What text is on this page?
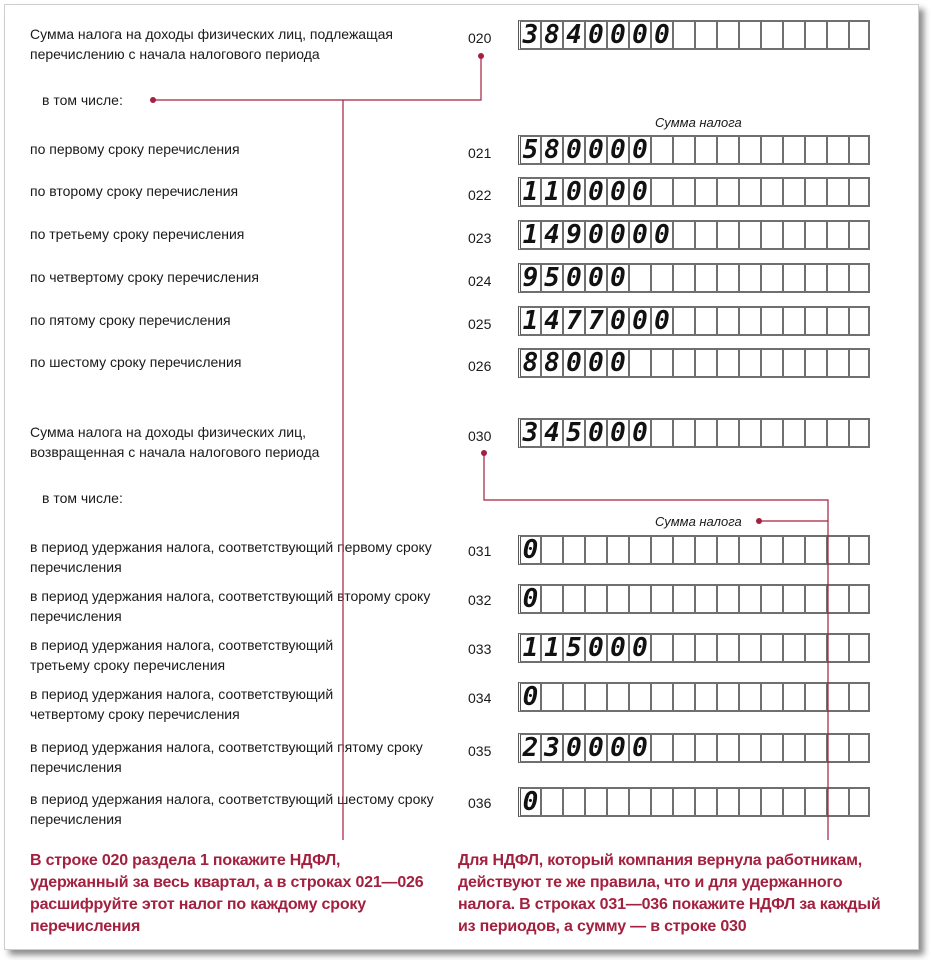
Сумма налога на доходы физических лиц, подлежащая перечислению с начала налогового периода
020 3 8 4 0 0 0 0
в том числе:
Сумма налога
по первому сроку перечисления	021 5 8 0 0 0 0
по второму сроку перечисления	022 1 1 0 0 0 0
по третьему сроку перечисления	023 1 4 9 0 0 0 0
по четвертому сроку перечисления	024 9 5 0 0 0
по пятому сроку перечисления	025 1 4 7 7 0 0 0
по шестому сроку перечисления	026 8 8 0 0 0
Сумма налога на доходы физических лиц, возвращенная с начала налогового периода
030 3 4 5 0 0 0
в том числе:
Сумма налога
в период удержания налога, соответствующий первому сроку перечисления
031 0
в период удержания налога, соответствующий второму сроку перечисления
032 0
в период удержания налога, соответствующий третьему сроку перечисления
033 1 1 5 0 0 0
в период удержания налога, соответствующий четвертому сроку перечисления
034 0
в период удержания налога, соответствующий пятому сроку перечисления
035 2 3 0 0 0 0
в период удержания налога, соответствующий шестому сроку перечисления
036 0
В строке 020 раздела 1 покажите НДФЛ, удержанный за весь квартал, а в строках 021—026 расшифруйте этот налог по каждому сроку перечисления
Для НДФЛ, который компания вернула работникам, действуют те же правила, что и для удержанного налога. В строках 031—036 покажите НДФЛ за каждый из периодов, а сумму — в строке 030
